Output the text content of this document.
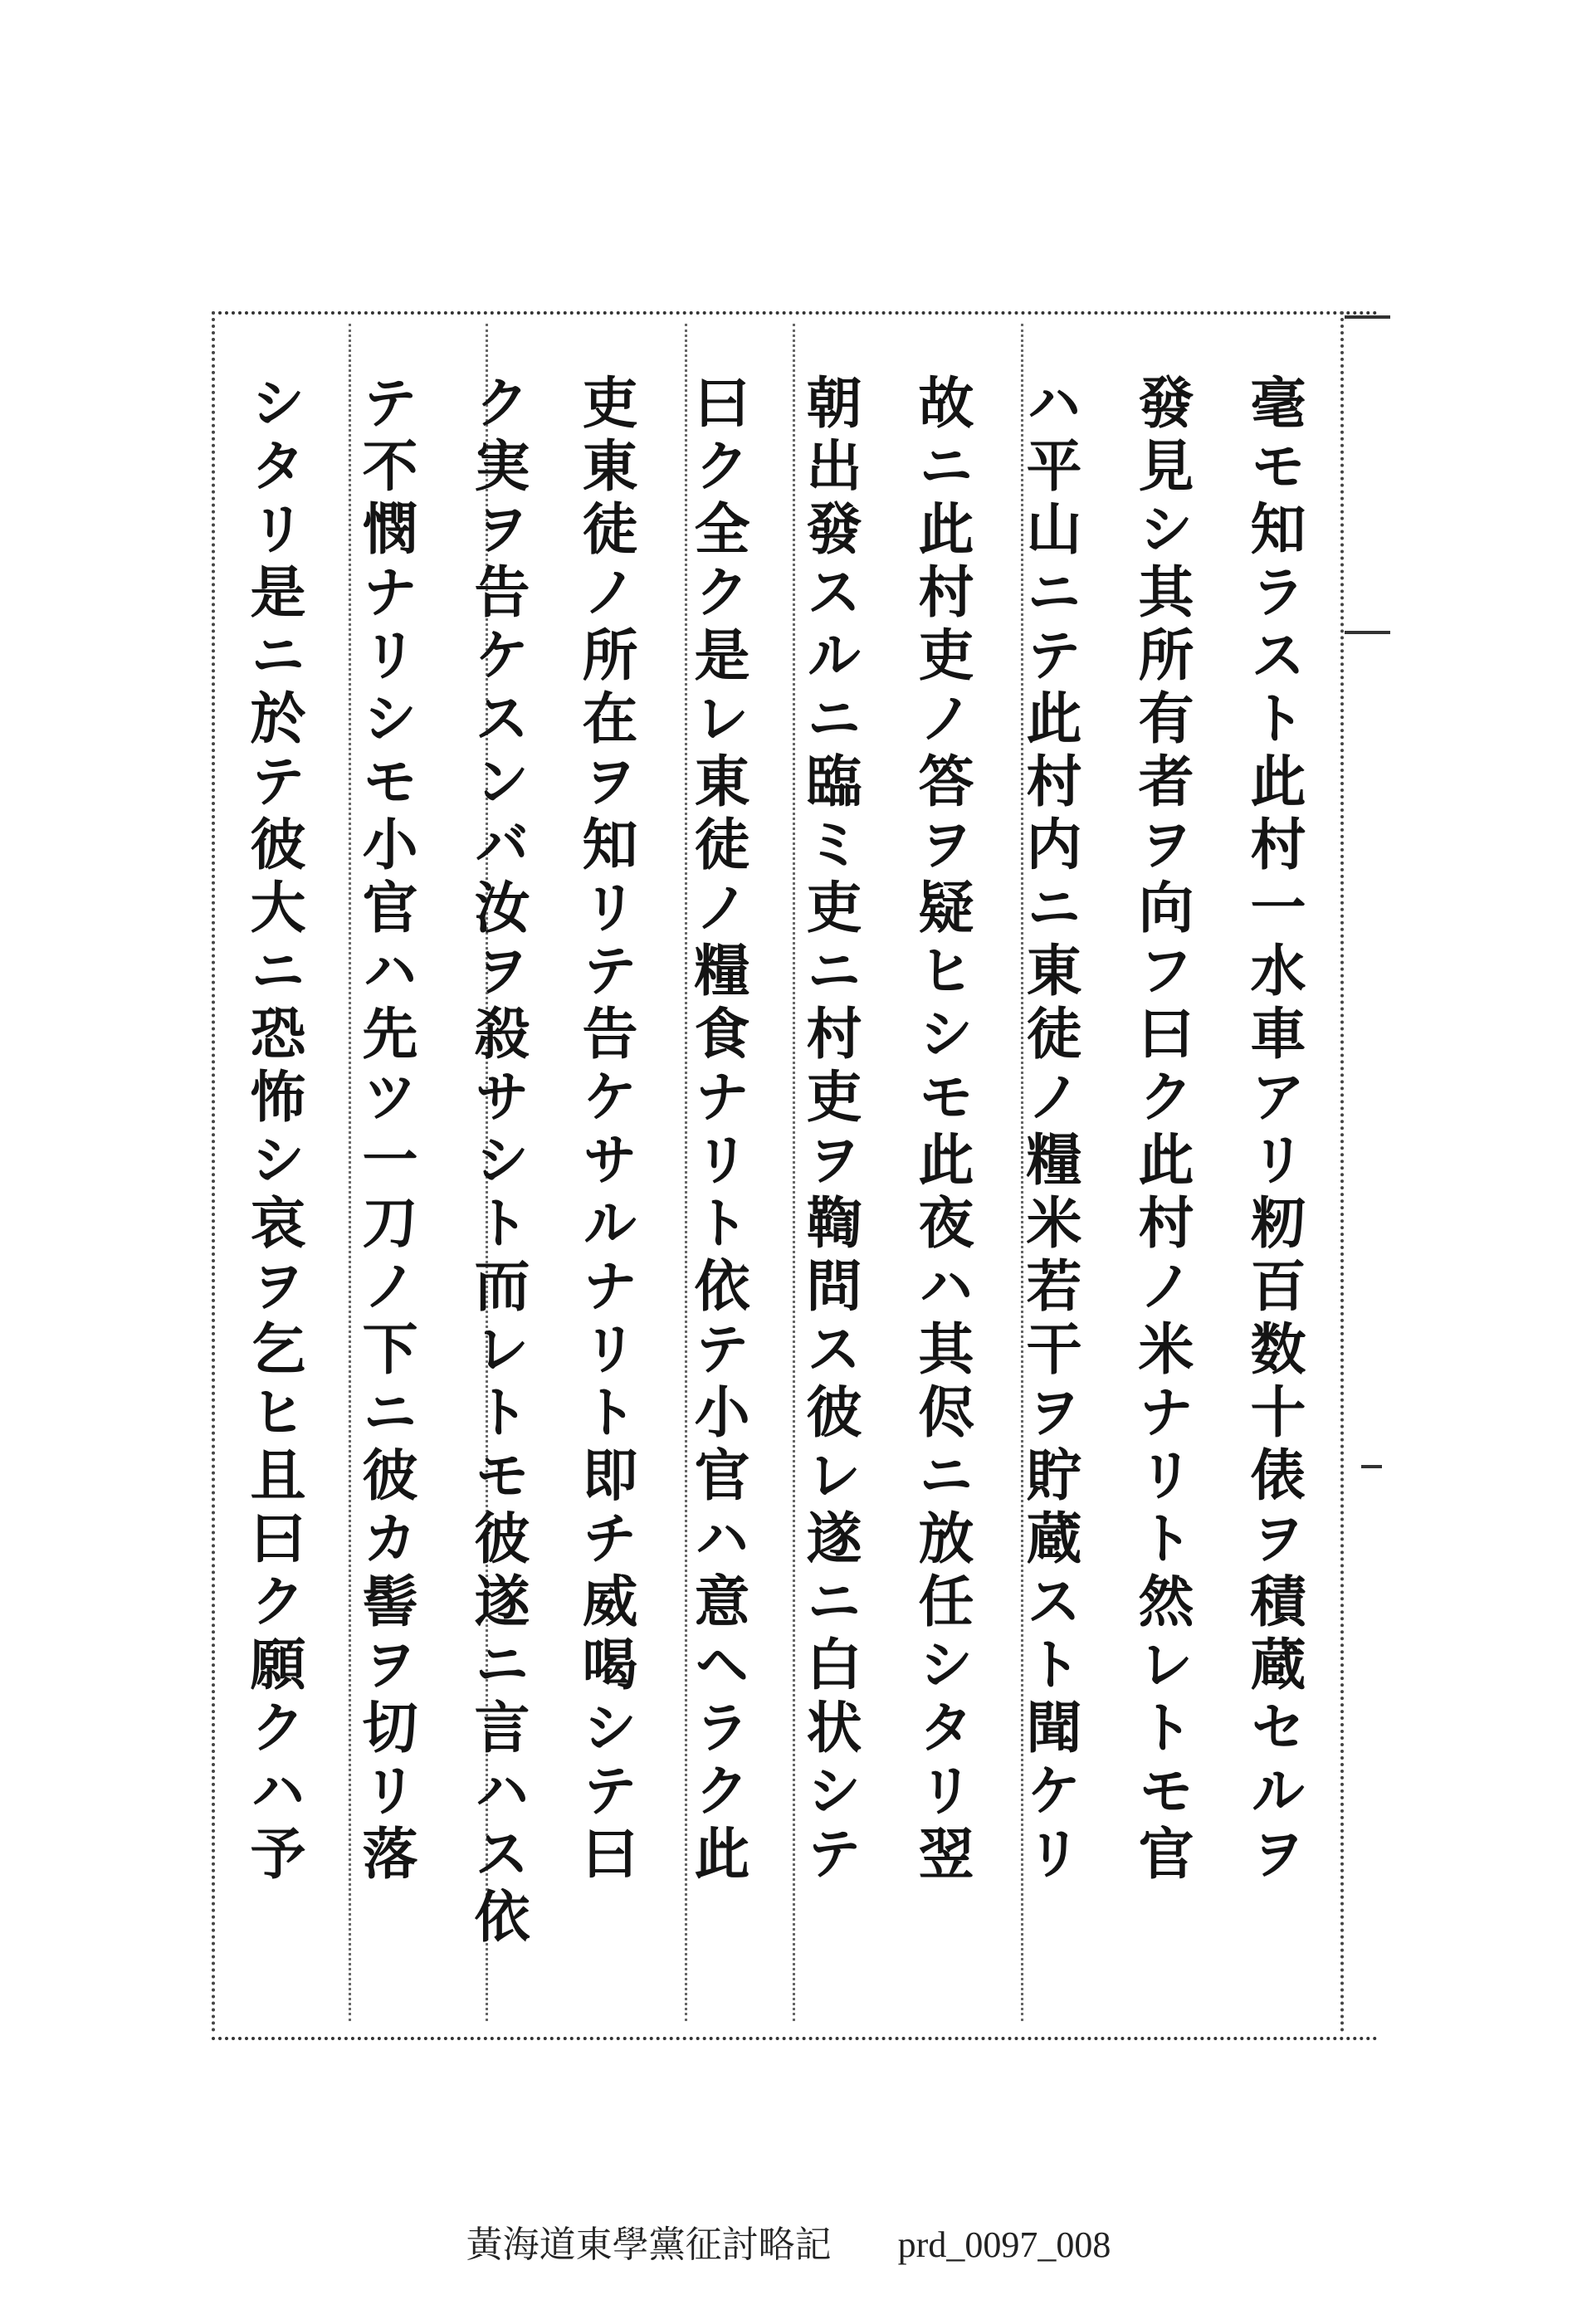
毫モ知ラスト此村一水車アリ籾百数十俵ヲ積蔵セルヲ
發見シ其所有者ヲ向フ曰ク此村ノ米ナリト然レトモ官
ハ平山ニテ此村内ニ東徒ノ糧米若干ヲ貯蔵スト聞ケリ
故ニ此村吏ノ答ヲ疑ヒシモ此夜ハ其侭ニ放任シタリ翌
朝出發スルニ臨ミ吏ニ村吏ヲ鞫問ス彼レ遂ニ白状シテ
曰ク全ク是レ東徒ノ糧食ナリト依テ小官ハ意ヘラク此
吏東徒ノ所在ヲ知リテ告ケサルナリト即チ威喝シテ曰
ク実ヲ告ケスンバ汝ヲ殺サシト而レトモ彼遂ニ言ハス依
テ不憫ナリシモ小官ハ先ツ一刀ノ下ニ彼カ髻ヲ切リ落
シタリ是ニ於テ彼大ニ恐怖シ哀ヲ乞ヒ且曰ク願クハ予
黃海道東學黨征討略記 prd_0097_008
